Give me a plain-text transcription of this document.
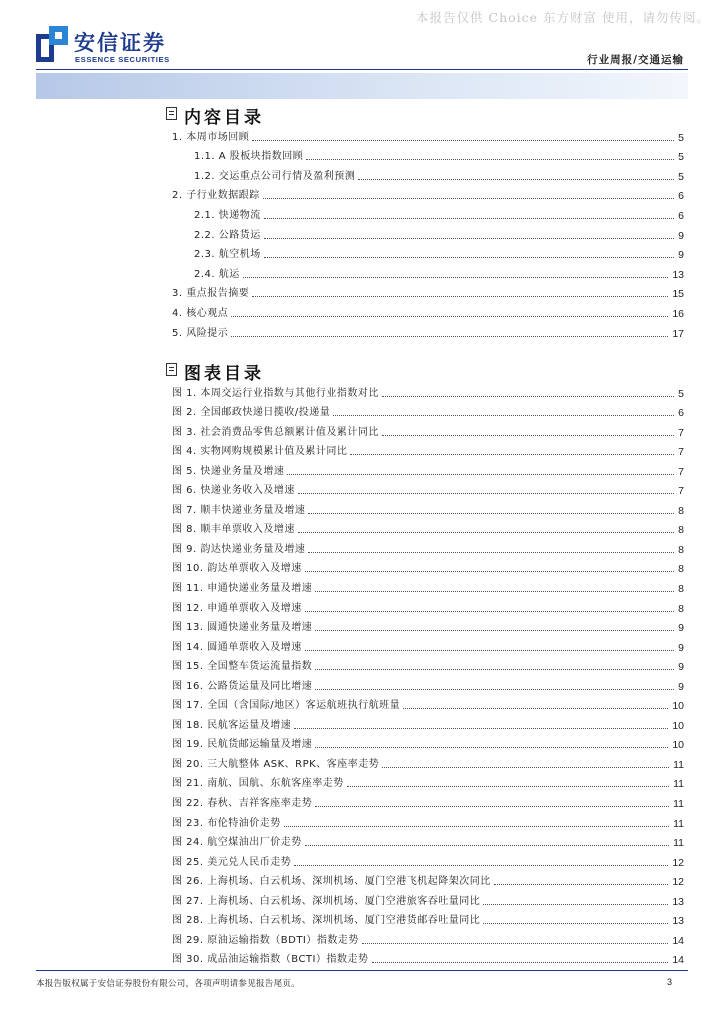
本报告仅供 Choice 东方财富 使用，请勿传阅。
安信证券
ESSENCE SECURITIES	行业周报/交通运输
内容目录
1. 本周市场回顾	5
1.1. A 股板块指数回顾	5
1.2. 交运重点公司行情及盈利预测	5
2. 子行业数据跟踪	6
2.1. 快递物流	6
2.2. 公路货运	9
2.3. 航空机场	9
2.4. 航运	13
3. 重点报告摘要	15
4. 核心观点	16
5. 风险提示	17
图表目录
图 1. 本周交运行业指数与其他行业指数对比	5
图 2. 全国邮政快递日揽收/投递量	6
图 3. 社会消费品零售总额累计值及累计同比	7
图 4. 实物网购规模累计值及累计同比	7
图 5. 快递业务量及增速	7
图 6. 快递业务收入及增速	7
图 7. 顺丰快递业务量及增速	8
图 8. 顺丰单票收入及增速	8
图 9. 韵达快递业务量及增速	8
图 10. 韵达单票收入及增速	8
图 11. 申通快递业务量及增速	8
图 12. 申通单票收入及增速	8
图 13. 圆通快递业务量及增速	9
图 14. 圆通单票收入及增速	9
图 15. 全国整车货运流量指数	9
图 16. 公路货运量及同比增速	9
图 17. 全国（含国际/地区）客运航班执行航班量	10
图 18. 民航客运量及增速	10
图 19. 民航货邮运输量及增速	10
图 20. 三大航整体 ASK、RPK、客座率走势	11
图 21. 南航、国航、东航客座率走势	11
图 22. 春秋、吉祥客座率走势	11
图 23. 布伦特油价走势	11
图 24. 航空煤油出厂价走势	11
图 25. 美元兑人民币走势	12
图 26. 上海机场、白云机场、深圳机场、厦门空港飞机起降架次同比	12
图 27. 上海机场、白云机场、深圳机场、厦门空港旅客吞吐量同比	13
图 28. 上海机场、白云机场、深圳机场、厦门空港货邮吞吐量同比	13
图 29. 原油运输指数（BDTI）指数走势	14
图 30. 成品油运输指数（BCTI）指数走势	14
本报告版权属于安信证券股份有限公司，各项声明请参见报告尾页。	3
